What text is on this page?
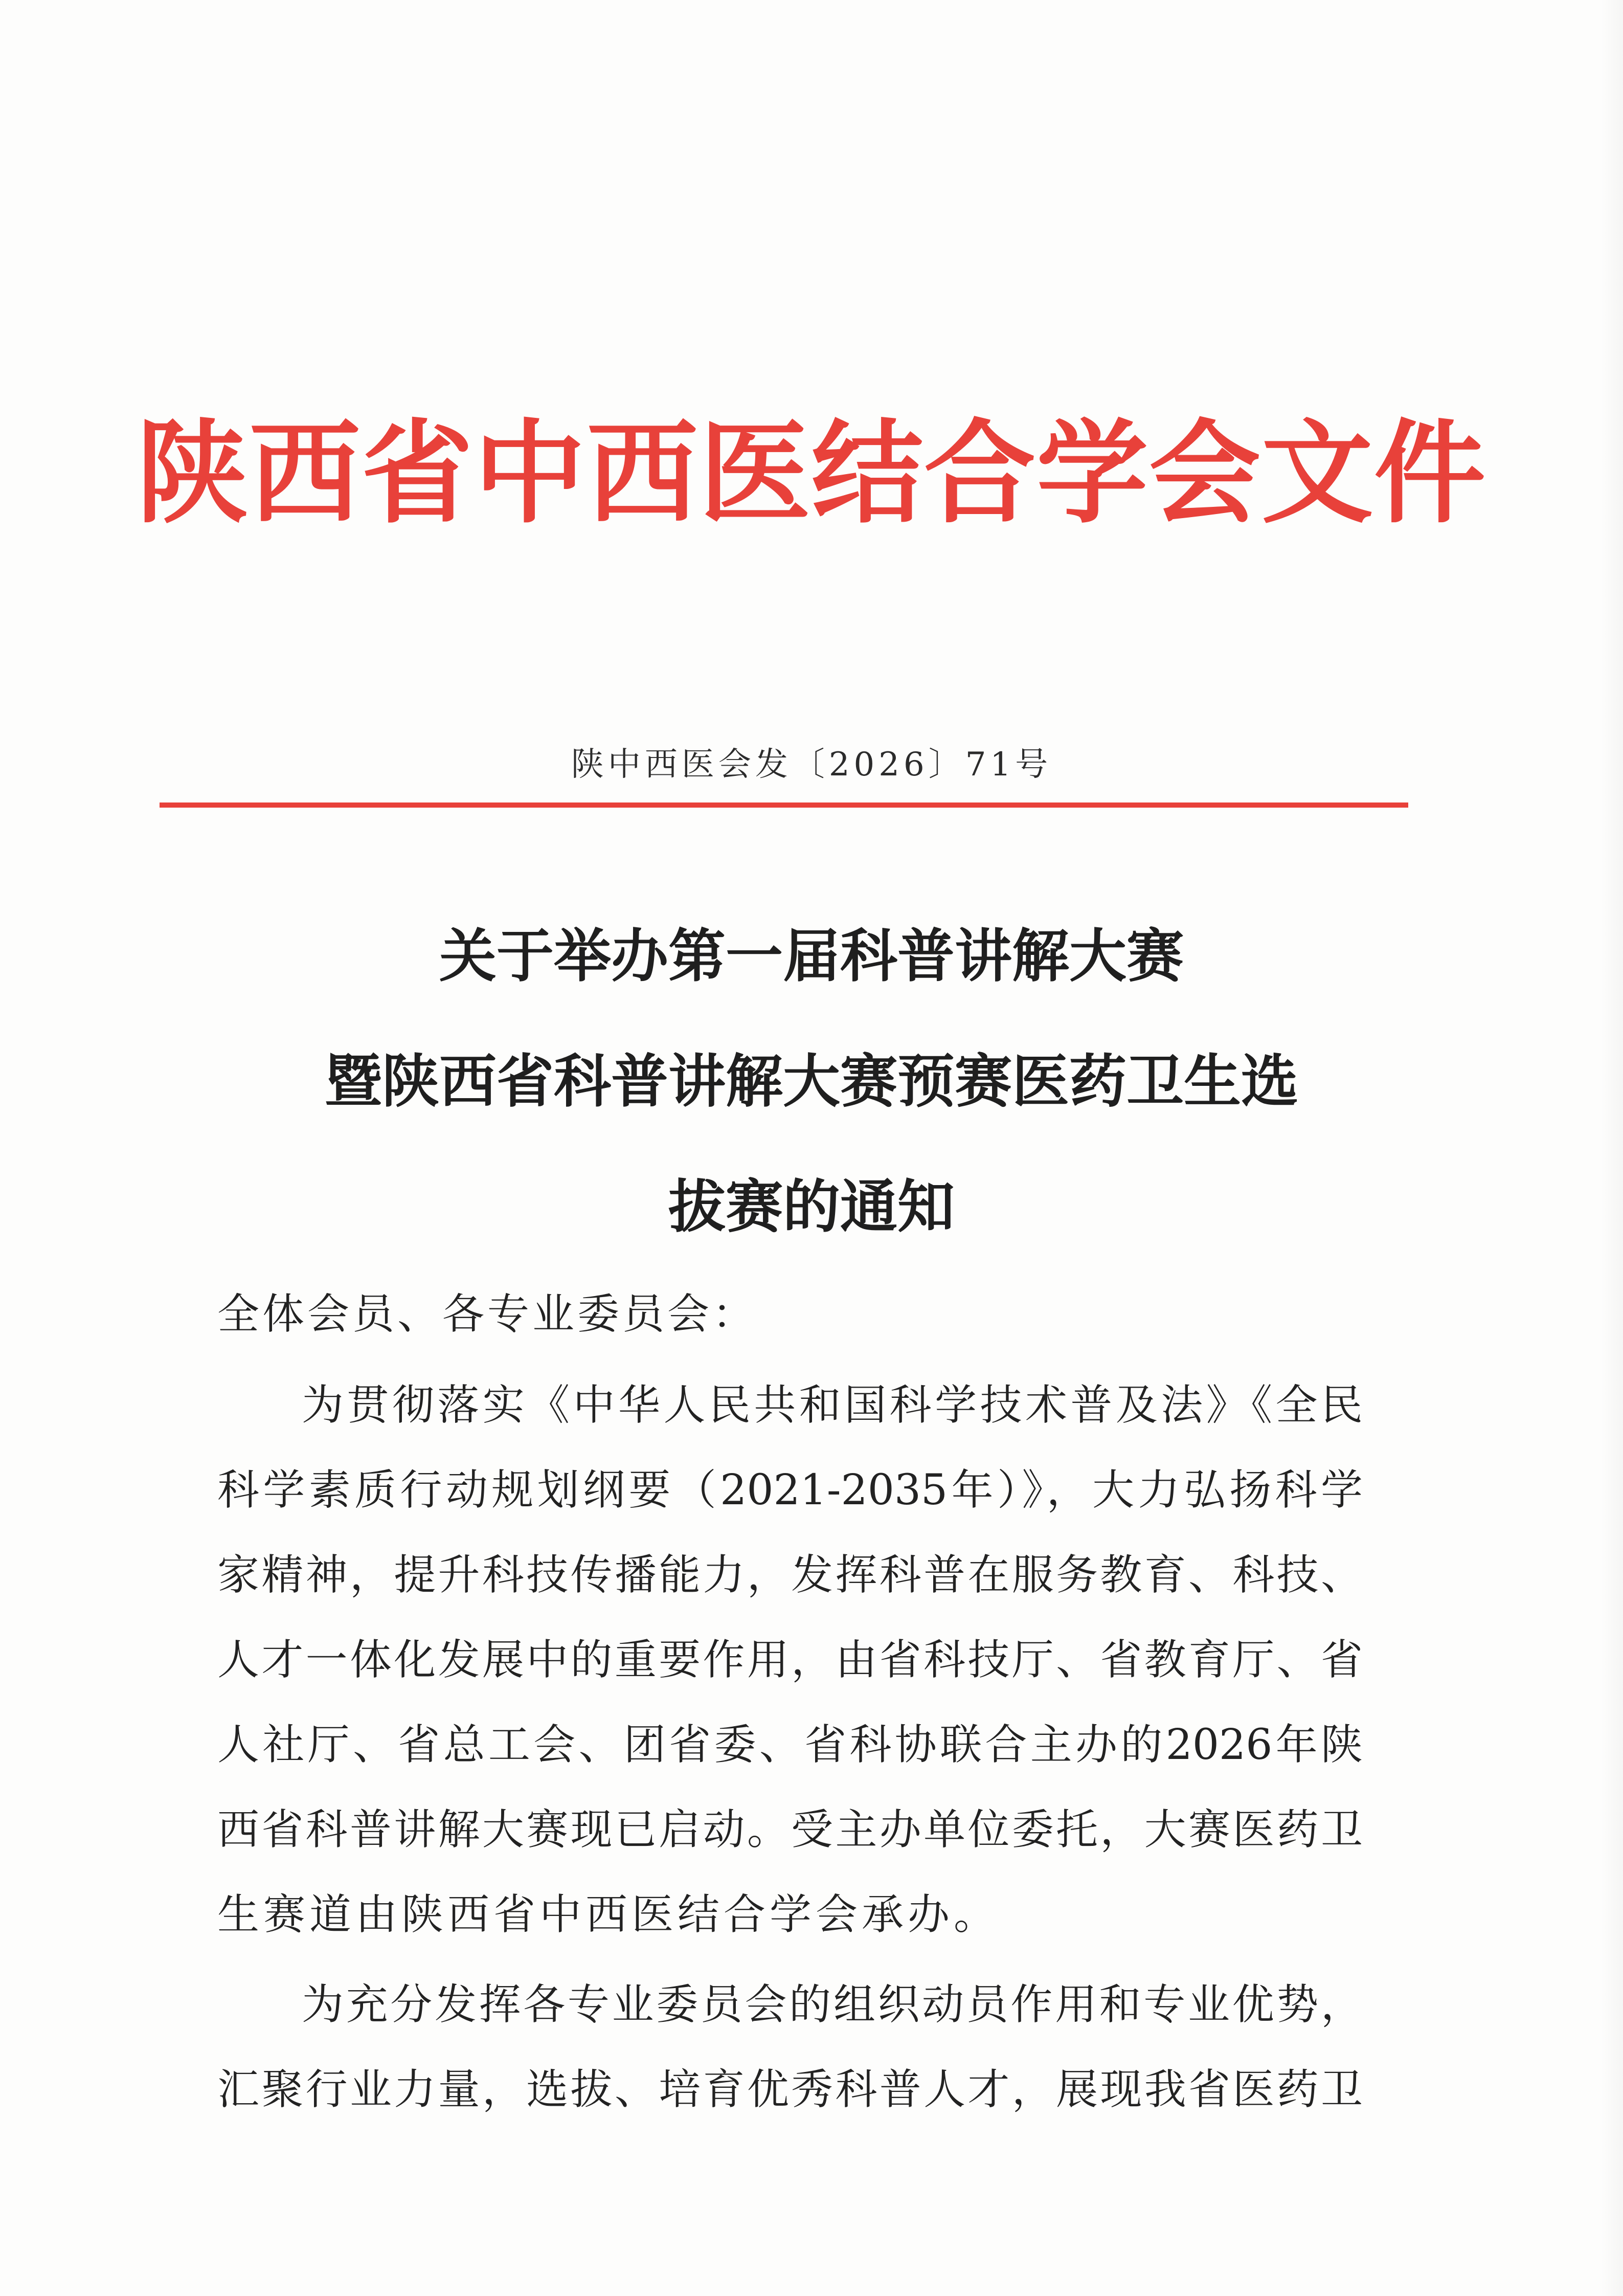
陕西省中西医结合学会文件
陕中西医会发〔2026〕71号
关于举办第一届科普讲解大赛
暨陕西省科普讲解大赛预赛医药卫生选
拔赛的通知
全体会员、各专业委员会：
为贯彻落实《中华人民共和国科学技术普及法》《全民
科学素质行动规划纲要（2021-2035年）》，大力弘扬科学
家精神，提升科技传播能力，发挥科普在服务教育、科技、
人才一体化发展中的重要作用，由省科技厅、省教育厅、省
人社厅、省总工会、团省委、省科协联合主办的2026年陕
西省科普讲解大赛现已启动。受主办单位委托，大赛医药卫
生赛道由陕西省中西医结合学会承办。
为充分发挥各专业委员会的组织动员作用和专业优势，
汇聚行业力量，选拔、培育优秀科普人才，展现我省医药卫
